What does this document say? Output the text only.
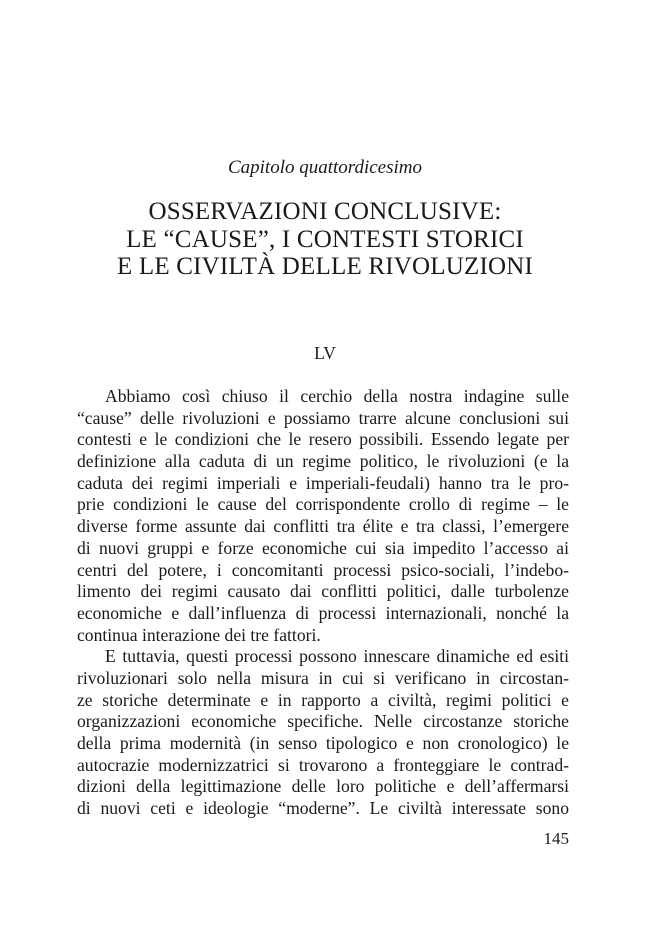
Capitolo quattordicesimo
OSSERVAZIONI CONCLUSIVE:
LE “CAUSE”, I CONTESTI STORICI
E LE CIVILTÀ DELLE RIVOLUZIONI
LV
Abbiamo così chiuso il cerchio della nostra indagine sulle
“cause” delle rivoluzioni e possiamo trarre alcune conclusioni sui
contesti e le condizioni che le resero possibili. Essendo legate per
definizione alla caduta di un regime politico, le rivoluzioni (e la
caduta dei regimi imperiali e imperiali-feudali) hanno tra le pro-
prie condizioni le cause del corrispondente crollo di regime – le
diverse forme assunte dai conflitti tra élite e tra classi, l’emergere
di nuovi gruppi e forze economiche cui sia impedito l’accesso ai
centri del potere, i concomitanti processi psico-sociali, l’indebo-
limento dei regimi causato dai conflitti politici, dalle turbolenze
economiche e dall’influenza di processi internazionali, nonché la
continua interazione dei tre fattori.
E tuttavia, questi processi possono innescare dinamiche ed esiti
rivoluzionari solo nella misura in cui si verificano in circostan-
ze storiche determinate e in rapporto a civiltà, regimi politici e
organizzazioni economiche specifiche. Nelle circostanze storiche
della prima modernità (in senso tipologico e non cronologico) le
autocrazie modernizzatrici si trovarono a fronteggiare le contrad-
dizioni della legittimazione delle loro politiche e dell’affermarsi
di nuovi ceti e ideologie “moderne”. Le civiltà interessate sono
145
